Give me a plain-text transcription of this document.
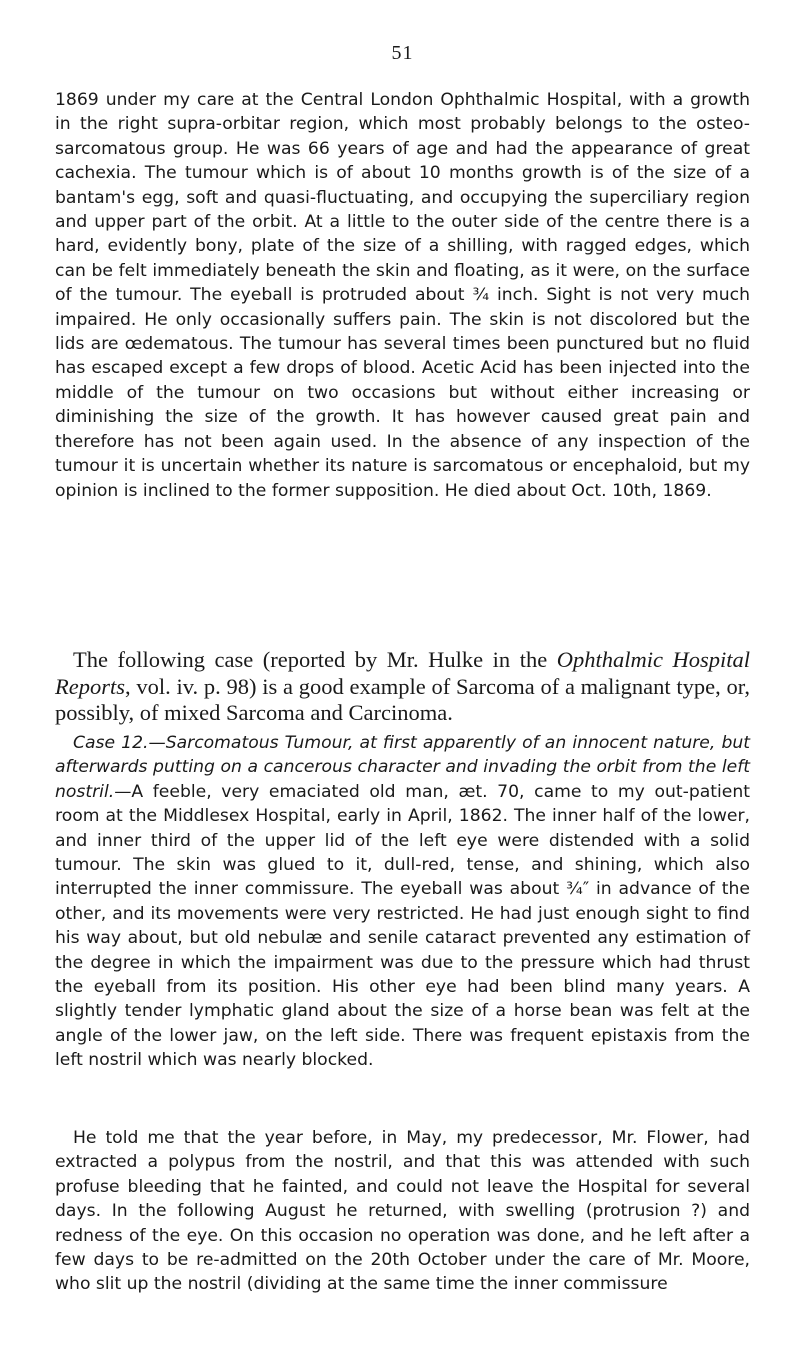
51

1869 under my care at the Central London Ophthalmic Hospital, with a growth in the right supra-orbitar region, which most probably belongs to the osteo-sarcomatous group. He was 66 years of age and had the appearance of great cachexia. The tumour which is of about 10 months growth is of the size of a bantam's egg, soft and quasi-fluctuating, and occupying the superciliary region and upper part of the orbit. At a little to the outer side of the centre there is a hard, evidently bony, plate of the size of a shilling, with ragged edges, which can be felt immediately beneath the skin and floating, as it were, on the surface of the tumour. The eyeball is protruded about ¾ inch. Sight is not very much impaired. He only occasionally suffers pain. The skin is not discolored but the lids are œdematous. The tumour has several times been punctured but no fluid has escaped except a few drops of blood. Acetic Acid has been injected into the middle of the tumour on two occasions but without either increasing or diminishing the size of the growth. It has however caused great pain and therefore has not been again used. In the absence of any inspection of the tumour it is uncertain whether its nature is sarcomatous or encephaloid, but my opinion is inclined to the former supposition. He died about Oct. 10th, 1869.

The following case (reported by Mr. Hulke in the Ophthalmic Hospital Reports, vol. iv. p. 98) is a good example of Sarcoma of a malignant type, or, possibly, of mixed Sarcoma and Carcinoma.

Case 12.—Sarcomatous Tumour, at first apparently of an innocent nature, but afterwards putting on a cancerous character and invading the orbit from the left nostril.—A feeble, very emaciated old man, æt. 70, came to my out-patient room at the Middlesex Hospital, early in April, 1862. The inner half of the lower, and inner third of the upper lid of the left eye were distended with a solid tumour. The skin was glued to it, dull-red, tense, and shining, which also interrupted the inner commissure. The eyeball was about ¾″ in advance of the other, and its movements were very restricted. He had just enough sight to find his way about, but old nebulæ and senile cataract prevented any estimation of the degree in which the impairment was due to the pressure which had thrust the eyeball from its position. His other eye had been blind many years. A slightly tender lymphatic gland about the size of a horse bean was felt at the angle of the lower jaw, on the left side. There was frequent epistaxis from the left nostril which was nearly blocked.

He told me that the year before, in May, my predecessor, Mr. Flower, had extracted a polypus from the nostril, and that this was attended with such profuse bleeding that he fainted, and could not leave the Hospital for several days. In the following August he returned, with swelling (protrusion ?) and redness of the eye. On this occasion no operation was done, and he left after a few days to be re-admitted on the 20th October under the care of Mr. Moore, who slit up the nostril (dividing at the same time the inner commissure
